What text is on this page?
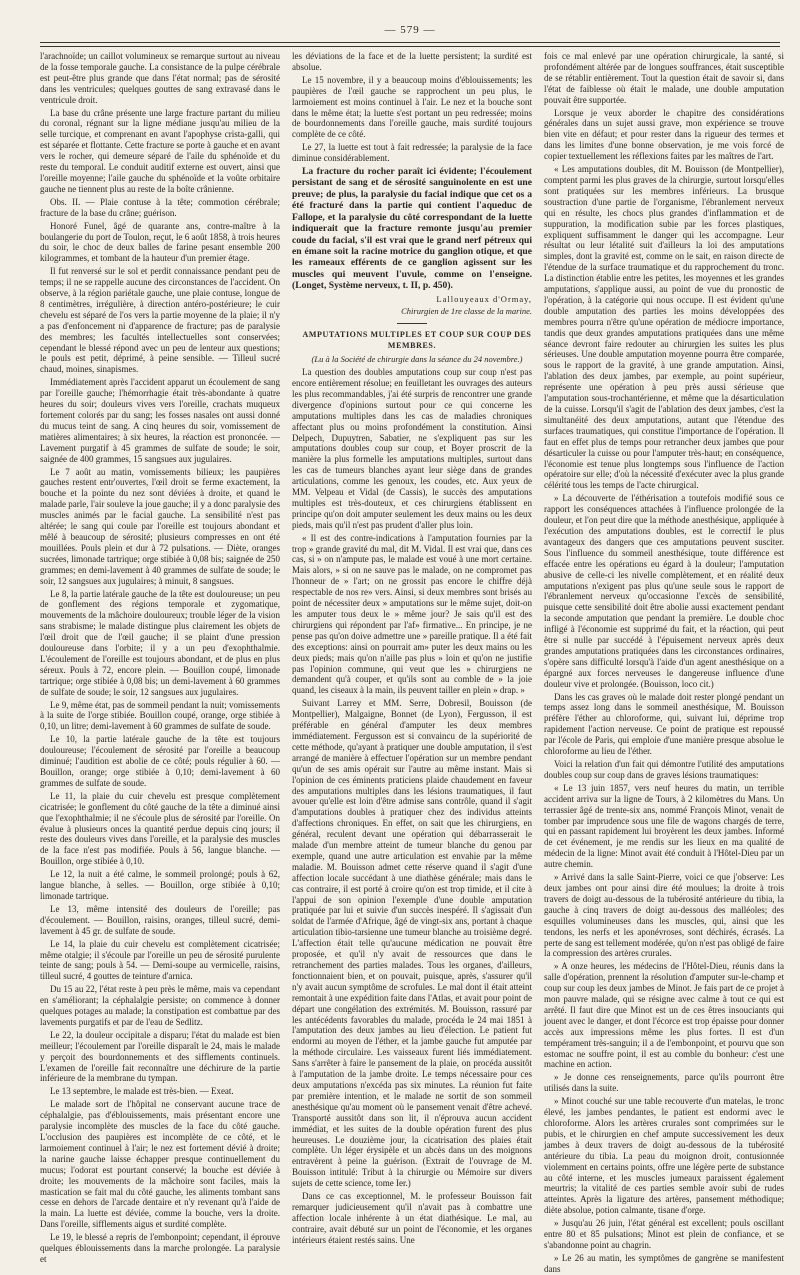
— 579 —

l'arachnoïde; un caillot volumineux se remarque surtout au niveau de la fosse temporale gauche. La consistance de la pulpe cérébrale est peut-être plus grande que dans l'état normal; pas de sérosité dans les ventricules; quelques gouttes de sang extravasé dans le ventricule droit.

La base du crâne présente une large fracture partant du milieu du coronal, régnant sur la ligne médiane jusqu'au milieu de la selle turcique, et comprenant en avant l'apophyse crista-galli, qui est séparée et flottante. Cette fracture se porte à gauche et en avant vers le rocher, qui demeure séparé de l'aile du sphénoïde et du reste du temporal. Le conduit auditif externe est ouvert, ainsi que l'oreille moyenne; l'aile gauche du sphénoïde et la voûte orbitaire gauche ne tiennent plus au reste de la boîte crânienne.

Obs. II. — Plaie contuse à la tête; commotion cérébrale; fracture de la base du crâne; guérison.

Honoré Funel, âgé de quarante ans, contre-maître à la boulangerie du port de Toulon, reçut, le 6 août 1858, à trois heures du soir, le choc de deux balles de farine pesant ensemble 200 kilogrammes, et tombant de la hauteur d'un premier étage.

Il fut renversé sur le sol et perdit connaissance pendant peu de temps; il ne se rappelle aucune des circonstances de l'accident. On observe, à la région pariétale gauche, une plaie contuse, longue de 8 centimètres, irrégulière, à direction antéro-postérieure; le cuir chevelu est séparé de l'os vers la partie moyenne de la plaie; il n'y a pas d'enfoncement ni d'apparence de fracture; pas de paralysie des membres; les facultés intellectuelles sont conservées; cependant le blessé répond avec un peu de lenteur aux questions; le pouls est petit, déprimé, à peine sensible. — Tilleul sucré chaud, moines, sinapismes.

Immédiatement après l'accident apparut un écoulement de sang par l'oreille gauche; l'hémorrhagie était très-abondante à quatre heures du soir; douleurs vives vers l'oreille, crachats muqueux fortement colorés par du sang; les fosses nasales ont aussi donné du mucus teint de sang. A cinq heures du soir, vomissement de matières alimentaires; à six heures, la réaction est prononcée. — Lavement purgatif à 45 grammes de sulfate de soude; le soir, saignée de 400 grammes, 15 sangsues aux jugulaires.

Le 7 août au matin, vomissements bilieux; les paupières gauches restent entr'ouvertes, l'œil droit se ferme exactement, la bouche et la pointe du nez sont déviées à droite, et quand le malade parle, l'air souleve la joue gauche; il y a donc paralysie des muscles animés par le facial gauche. La sensibilité n'est pas altérée; le sang qui coule par l'oreille est toujours abondant et mêlé à beaucoup de sérosité; plusieurs compresses en ont été mouillées. Pouls plein et dur à 72 pulsations. — Diète, oranges sucrées, limonade tartrique; orge stibiée à 0,08 bis; saignée de 250 grammes; en demi-lavement à 40 grammes de sulfate de soude; le soir, 12 sangsues aux jugulaires; à minuit, 8 sangsues.

Le 8, la partie latérale gauche de la tête est douloureuse; un peu de gonflement des régions temporale et zygomatique, mouvements de la mâchoire douloureux; trouble léger de la vision sans strabisme; le malade distingue plus clairement les objets de l'œil droit que de l'œil gauche; il se plaint d'une pression douloureuse dans l'orbite; il y a un peu d'exophthalmie. L'écoulement de l'oreille est toujours abondant, et de plus en plus séreux. Pouls à 72, encore plein. — Bouillon coupé, limonade tartrique; orge stibiée à 0,08 bis; un demi-lavement à 60 grammes de sulfate de soude; le soir, 12 sangsues aux jugulaires.

Le 9, même état, pas de sommeil pendant la nuit; vomissements à la suite de l'orge stibiée. Bouillon coupé, orange, orge stibiée à 0,10, un litre; demi-lavement à 60 grammes de sulfate de soude.

Le 10, la partie latérale gauche de la tête est toujours douloureuse; l'écoulement de sérosité par l'oreille a beaucoup diminué; l'audition est abolie de ce côté; pouls régulier à 60. — Bouillon, orange; orge stibiée à 0,10; demi-lavement à 60 grammes de sulfate de soude.

Le 11, la plaie du cuir chevelu est presque complètement cicatrisée; le gonflement du côté gauche de la tête a diminué ainsi que l'exophthalmie; il ne s'écoule plus de sérosité par l'oreille. On évalue à plusieurs onces la quantité perdue depuis cinq jours; il reste des douleurs vives dans l'oreille, et la paralysie des muscles de la face n'est pas modifiée. Pouls à 56, langue blanche. — Bouillon, orge stibiée à 0,10.

Le 12, la nuit a été calme, le sommeil prolongé; pouls à 62, langue blanche, à selles. — Bouillon, orge stibiée à 0,10; limonade tartrique.

Le 13, même intensité des douleurs de l'oreille; pas d'écoulement. — Bouillon, raisins, oranges, tilleul sucré, demi-lavement à 45 gr. de sulfate de soude.

Le 14, la plaie du cuir chevelu est complètement cicatrisée; même otalgie; il s'écoule par l'oreille un peu de sérosité purulente teinte de sang; pouls à 54. — Demi-soupe au vermicelle, raisins, tilleul sucré, 4 gouttes de teinture d'arnica.

Du 15 au 22, l'état reste à peu près le même, mais va cependant en s'améliorant; la céphalalgie persiste; on commence à donner quelques potages au malade; la constipation est combattue par des lavements purgatifs et par de l'eau de Sedlitz.

Le 22, la douleur occipitale a disparu; l'état du malade est bien meilleur; l'écoulement par l'oreille disparaît le 24, mais le malade y perçoit des bourdonnements et des sifflements continuels. L'examen de l'oreille fait reconnaître une déchirure de la partie inférieure de la membrane du tympan.

Le 13 septembre, le malade est très-bien. — Exeat.

Le malade sort de l'hôpital ne conservant aucune trace de céphalalgie, pas d'éblouissements, mais présentant encore une paralysie incomplète des muscles de la face du côté gauche. L'occlusion des paupières est incomplète de ce côté, et le larmoiement continuel à l'air; le nez est fortement dévié à droite; la narine gauche laisse échapper presque continuellement du mucus; l'odorat est pourtant conservé; la bouche est déviée à droite; les mouvements de la mâchoire sont faciles, mais la mastication se fait mal du côté gauche, les aliments tombant sans cesse en dehors de l'arcade dentaire et n'y revenant qu'à l'aide de la main. La luette est déviée, comme la bouche, vers la droite. Dans l'oreille, sifflements aigus et surdité complète.

Le 19, le blessé a repris de l'embonpoint; cependant, il éprouve quelques éblouissements dans la marche prolongée. La paralysie et

les déviations de la face et de la luette persistent; la surdité est absolue.

Le 15 novembre, il y a beaucoup moins d'éblouissements; les paupières de l'œil gauche se rapprochent un peu plus, le larmoiement est moins continuel à l'air. Le nez et la bouche sont dans le même état; la luette s'est portant un peu redressée; moins de bourdonnements dans l'oreille gauche, mais surdité toujours complète de ce côté.

Le 27, la luette est tout à fait redressée; la paralysie de la face diminue considérablement.

La fracture du rocher paraît ici évidente; l'écoulement persistant de sang et de sérosité sanguinolente en est une preuve; de plus, la paralysie du facial indique que cet os a été fracturé dans la partie qui contient l'aqueduc de Fallope, et la paralysie du côté correspondant de la luette indiquerait que la fracture remonte jusqu'au premier coude du facial, s'il est vrai que le grand nerf pétreux qui en émane soit la racine motrice du ganglion otique, et que les rameaux efférents de ce ganglion agissent sur les muscles qui meuvent l'uvule, comme on l'enseigne. (Longet, Système nerveux, t. II, p. 450).

Lallouyeaux d'Ormay,

Chirurgien de 1re classe de la marine.

AMPUTATIONS MULTIPLES ET COUP SUR COUP DES MEMBRES.

(Lu à la Société de chirurgie dans la séance du 24 novembre.)

La question des doubles amputations coup sur coup n'est pas encore entièrement résolue; en feuilletant les ouvrages des auteurs les plus recommandables, j'ai été surpris de rencontrer une grande divergence d'opinions surtout pour ce qui concerne les amputations multiples dans les cas de maladies chroniques affectant plus ou moins profondément la constitution. Ainsi Delpech, Dupuytren, Sabatier, ne s'expliquent pas sur les amputations doubles coup sur coup, et Boyer proscrit de la manière la plus formelle les amputations multiples, surtout dans les cas de tumeurs blanches ayant leur siège dans de grandes articulations, comme les genoux, les coudes, etc. Aux yeux de MM. Velpeau et Vidal (de Cassis), le succès des amputations multiples est très-douteux, et ces chirurgiens établissent en principe qu'on doit amputer seulement les deux mains ou les deux pieds, mais qu'il n'est pas prudent d'aller plus loin.

« Il est des contre-indications à l'amputation fournies par la trop » grande gravité du mal, dit M. Vidal. Il est vrai que, dans ces cas, si » on n'ampute pas, le malade est voué à une mort certaine. Mais alors, » si on ne sauve pas le malade, on ne compromet pas l'honneur de » l'art; on ne grossit pas encore le chiffre déjà respectable de nos re» vers. Ainsi, si deux membres sont brisés au point de nécessiter deux » amputations sur le même sujet, doit-on les amputer tous deux le » même jour? Je sais qu'il est des chirurgiens qui répondent par l'af» firmative... En principe, je ne pense pas qu'on doive admettre une » pareille pratique. Il a été fait des exceptions: ainsi on pourrait am» puter les deux mains ou les deux pieds; mais qu'on n'aille pas plus » loin et qu'on ne justifie pas l'opinion commune, qui veut que les » chirurgiens ne demandent qu'à couper, et qu'ils sont au comble de » la joie quand, les ciseaux à la main, ils peuvent tailler en plein » drap. »

Suivant Larrey et MM. Serre, Dobresil, Bouisson (de Montpellier), Malgaigne, Bonnet (de Lyon), Fergusson, il est préférable en général d'amputer les deux membres immédiatement. Fergusson est si convaincu de la supériorité de cette méthode, qu'ayant à pratiquer une double amputation, il s'est arrangé de manière à effectuer l'opération sur un membre pendant qu'un de ses amis opérait sur l'autre au même instant. Mais si l'opinion de ces éminents praticiens plaide chaudement en faveur des amputations multiples dans les lésions traumatiques, il faut avouer qu'elle est loin d'être admise sans contrôle, quand il s'agit d'amputations doubles à pratiquer chez des individus atteints d'affections chroniques. En effet, on sait que les chirurgiens, en général, reculent devant une opération qui débarrasserait le malade d'un membre atteint de tumeur blanche du genou par exemple, quand une autre articulation est envahie par la même maladie. M. Bouisson admet cette réserve quand il s'agit d'une affection locale succédant à une diathèse générale; mais dans le cas contraire, il est porté à croire qu'on est trop timide, et il cite à l'appui de son opinion l'exemple d'une double amputation pratiquée par lui et suivie d'un succès inespéré. Il s'agissait d'un soldat de l'armée d'Afrique, âgé de vingt-six ans, portant à chaque articulation tibio-tarsienne une tumeur blanche au troisième degré. L'affection était telle qu'aucune médication ne pouvait être proposée, et qu'il n'y avait de ressources que dans le retranchement des parties malades. Tous les organes, d'ailleurs, fonctionnaient bien, et on pouvait, puisque, après, s'assurer qu'il n'y avait aucun symptôme de scrofules. Le mal dont il était atteint remontait à une expédition faite dans l'Atlas, et avait pour point de départ une congélation des extrémités. M. Bouisson, rassuré par les antécédents favorables du malade, procéda le 24 mai 1851 à l'amputation des deux jambes au lieu d'élection. Le patient fut endormi au moyen de l'éther, et la jambe gauche fut amputée par la méthode circulaire. Les vaisseaux furent liés immédiatement. Sans s'arrêter à faire le pansement de la plaie, on procéda aussitôt à l'amputation de la jambe droite. Le temps nécessaire pour ces deux amputations n'excéda pas six minutes. La réunion fut faite par première intention, et le malade ne sortit de son sommeil anesthésique qu'au moment où le pansement venait d'être achevé. Transporté aussitôt dans son lit, il n'éprouva aucun accident immédiat, et les suites de la double opération furent des plus heureuses. Le douzième jour, la cicatrisation des plaies était complète. Un léger érysipèle et un abcès dans un des moignons entravèrent à peine la guérison. (Extrait de l'ouvrage de M. Bouisson intitulé: Tribut à la chirurgie ou Mémoire sur divers sujets de cette science, tome Ier.)

Dans ce cas exceptionnel, M. le professeur Bouisson fait remarquer judicieusement qu'il n'avait pas à combattre une affection locale inhérente à un état diathésique. Le mal, au contraire, avait débuté sur un point de l'économie, et les organes intérieurs étaient restés sains. Une

fois ce mal enlevé par une opération chirurgicale, la santé, si profondément altérée par de longues souffrances, était susceptible de se rétablir entièrement. Tout la question était de savoir si, dans l'état de faiblesse où était le malade, une double amputation pouvait être supportée.

Lorsque je veux aborder le chapitre des considérations générales dans un sujet aussi grave, mon expérience se trouve bien vite en défaut; et pour rester dans la rigueur des termes et dans les limites d'une bonne observation, je me vois forcé de copier textuellement les réflexions faites par les maîtres de l'art.

« Les amputations doubles, dit M. Bouisson (de Montpellier), comptent parmi les plus graves de la chirurgie, surtout lorsqu'elles sont pratiquées sur les membres inférieurs. La brusque soustraction d'une partie de l'organisme, l'ébranlement nerveux qui en résulte, les chocs plus grandes d'inflammation et de suppuration, la modification subie par les forces plastiques, expliquent suffisamment le danger qui les accompagne. Leur résultat ou leur létalité suit d'ailleurs la loi des amputations simples, dont la gravité est, comme on le sait, en raison directe de l'étendue de la surface traumatique et du rapprochement du tronc. La distinction établie entre les petites, les moyennes et les grandes amputations, s'applique aussi, au point de vue du pronostic de l'opération, à la catégorie qui nous occupe. Il est évident qu'une double amputation des parties les moins développées des membres pourra n'être qu'une opération de médiocre importance, tandis que deux grandes amputations pratiquées dans une même séance devront faire redouter au chirurgien les suites les plus sérieuses. Une double amputation moyenne pourra être comparée, sous le rapport de la gravité, à une grande amputation. Ainsi, l'ablation des deux jambes, par exemple, au point supérieur, représente une opération à peu près aussi sérieuse que l'amputation sous-trochantérienne, et même que la désarticulation de la cuisse. Lorsqu'il s'agit de l'ablation des deux jambes, c'est la simultanéité des deux amputations, autant que l'étendue des surfaces traumatiques, qui constitue l'importance de l'opération. Il faut en effet plus de temps pour retrancher deux jambes que pour désarticuler la cuisse ou pour l'amputer très-haut; en conséquence, l'économie est tenue plus longtemps sous l'influence de l'action opératoire sur elle; d'où la nécessité d'exécuter avec la plus grande célérité tous les temps de l'acte chirurgical.

» La découverte de l'éthérisation a toutefois modifié sous ce rapport les conséquences attachées à l'influence prolongée de la douleur, et l'on peut dire que la méthode anesthésique, appliquée à l'exécution des amputations doubles, est le correctif le plus avantageux des dangers que ces amputations peuvent susciter. Sous l'influence du sommeil anesthésique, toute différence est effacée entre les opérations eu égard à la douleur; l'amputation abusive de celle-ci les nivelle complètement, et en réalité deux amputations n'exigent pas plus qu'une seule sous le rapport de l'ébranlement nerveux qu'occasionne l'excès de sensibilité, puisque cette sensibilité doit être abolie aussi exactement pendant la seconde amputation que pendant la première. Le double choc infligé à l'économie est supprimé du fait, et la réaction, qui peut être si nulle par succédé à l'épuisement nerveux après deux grandes amputations pratiquées dans les circonstances ordinaires, s'opère sans difficulté lorsqu'à l'aide d'un agent anesthésique on a épargné aux forces nerveuses le dangereuse influence d'une douleur vive et prolongée. (Bouisson, loco cit.)

Dans les cas graves où le malade doit rester plongé pendant un temps assez long dans le sommeil anesthésique, M. Bouisson préfère l'éther au chloroforme, qui, suivant lui, déprime trop rapidement l'action nerveuse. Ce point de pratique est repoussé par l'école de Paris, qui emploie d'une manière presque absolue le chloroforme au lieu de l'éther.

Voici la relation d'un fait qui démontre l'utilité des amputations doubles coup sur coup dans de graves lésions traumatiques:

« Le 13 juin 1857, vers neuf heures du matin, un terrible accident arriva sur la ligne de Tours, à 2 kilomètres du Mans. Un terrassier âgé de trente-six ans, nommé François Minot, venait de tomber par imprudence sous une file de wagons chargés de terre, qui en passant rapidement lui broyèrent les deux jambes. Informé de cet événement, je me rendis sur les lieux en ma qualité de médecin de la ligne: Minot avait été conduit à l'Hôtel-Dieu par un autre chemin.

» Arrivé dans la salle Saint-Pierre, voici ce que j'observe: Les deux jambes ont pour ainsi dire été moulues; la droite à trois travers de doigt au-dessous de la tubérosité antérieure du tibia, la gauche à cinq travers de doigt au-dessous des malléoles; des esquilles volumineuses dans les muscles, qui, ainsi que les tendons, les nerfs et les aponévroses, sont déchirés, écrasés. La perte de sang est tellement modérée, qu'on n'est pas obligé de faire la compression des artères crurales.

» A onze heures, les médecins de l'Hôtel-Dieu, réunis dans la salle d'opération, prennent la résolution d'amputer sur-le-champ et coup sur coup les deux jambes de Minot. Je fais part de ce projet à mon pauvre malade, qui se résigne avec calme à tout ce qui est arrêté. Il faut dire que Minot est un de ces êtres insouciants qui jouent avec le danger, et dont l'écorce est trop épaisse pour donner accès aux impressions même les plus fortes. Il est d'un tempérament très-sanguin; il a de l'embonpoint, et pourvu que son estomac ne souffre point, il est au comble du bonheur: c'est une machine en action.

» Je donne ces renseignements, parce qu'ils pourront être utilisés dans la suite.

» Minot couché sur une table recouverte d'un matelas, le tronc élevé, les jambes pendantes, le patient est endormi avec le chloroforme. Alors les artères crurales sont comprimées sur le pubis, et le chirurgien en chef ampute successivement les deux jambes à deux travers de doigt au-dessous de la tubérosité antérieure du tibia. La peau du moignon droit, contusionnée violemment en certains points, offre une légère perte de substance au côté interne, et les muscles jumeaux paraissent également meurtris; la vitalité de ces parties semble avoir subi de rudes atteintes. Après la ligature des artères, pansement méthodique; diète absolue, potion calmante, tisane d'orge.

» Jusqu'au 26 juin, l'état général est excellent; pouls oscillant entre 80 et 85 pulsations; Minot est plein de confiance, et se s'abandonne point au chagrin.

» Le 26 au matin, les symptômes de gangrène se manifestent dans
